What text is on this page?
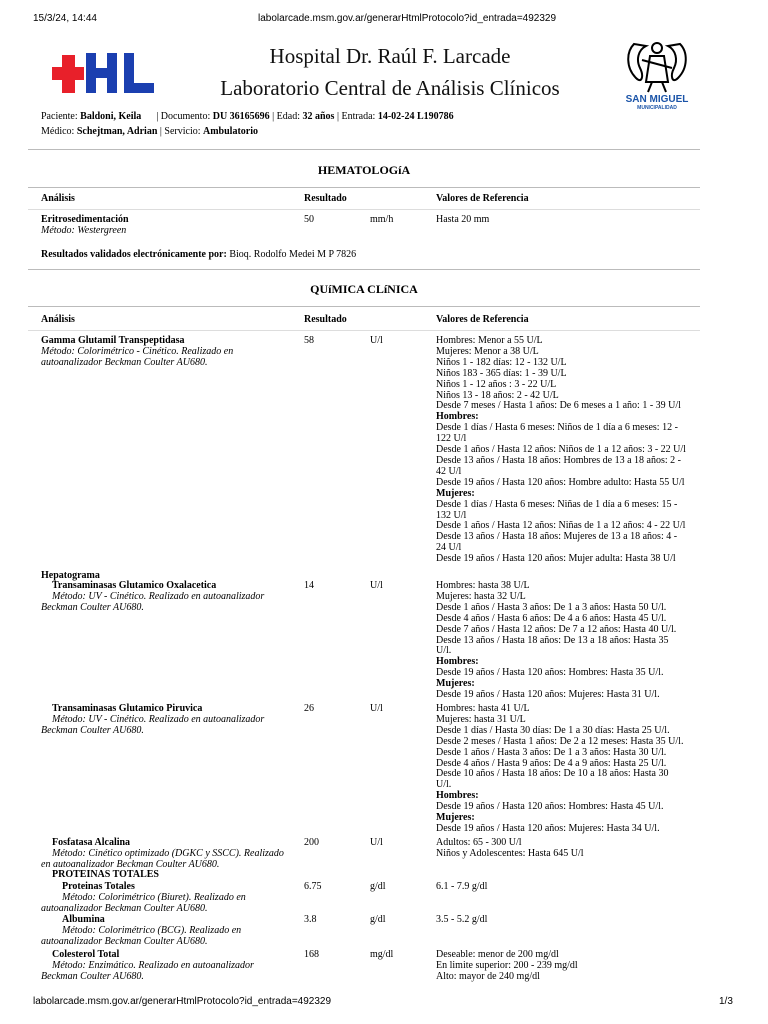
15/3/24, 14:44	labolarcade.msm.gov.ar/generarHtmlProtocolo?id_entrada=492329
Hospital Dr. Raúl F. Larcade
Laboratorio Central de Análisis Clínicos	SAN MIGUEL
MUNICIPALIDAD
Paciente: Baldoni, Keila | Documento: DU 36165696 | Edad: 32 años | Entrada: 14-02-24 L190786
Médico: Schejtman, Adrian | Servicio: Ambulatorio
HEMATOLOGíA
Análisis	Resultado	Valores de Referencia
Eritrosedimentación
Método: Westergreen
50	mm/h	Hasta 20 mm
Resultados validados electrónicamente por: Bioq. Rodolfo Medei M P 7826
QUíMICA CLíNICA
Análisis	Resultado	Valores de Referencia
Gamma Glutamil Transpeptidasa
Método: Colorimétrico - Cinético. Realizado en
autoanalizador Beckman Coulter AU680.
58	U/l	Hombres: Menor a 55 U/L
Mujeres: Menor a 38 U/L
Niños 1 - 182 días: 12 - 132 U/L
Niños 183 - 365 días: 1 - 39 U/L
Niños 1 - 12 años : 3 - 22 U/L
Niños 13 - 18 años: 2 - 42 U/L
Desde 7 meses / Hasta 1 años: De 6 meses a 1 año: 1 - 39 U/l
Hombres:
Desde 1 días / Hasta 6 meses: Niños de 1 día a 6 meses: 12 -
122 U/l
Desde 1 años / Hasta 12 años: Niños de 1 a 12 años: 3 - 22 U/l
Desde 13 años / Hasta 18 años: Hombres de 13 a 18 años: 2 -
42 U/l
Desde 19 años / Hasta 120 años: Hombre adulto: Hasta 55 U/l
Mujeres:
Desde 1 días / Hasta 6 meses: Niñas de 1 día a 6 meses: 15 -
132 U/l
Desde 1 años / Hasta 12 años: Niñas de 1 a 12 años: 4 - 22 U/l
Desde 13 años / Hasta 18 años: Mujeres de 13 a 18 años: 4 -
24 U/l
Desde 19 años / Hasta 120 años: Mujer adulta: Hasta 38 U/l
Hepatograma
Transaminasas Glutamico Oxalacetica
Método: UV - Cinético. Realizado en autoanalizador
Beckman Coulter AU680.
14	U/l	Hombres: hasta 38 U/L
Mujeres: hasta 32 U/L
Desde 1 años / Hasta 3 años: De 1 a 3 años: Hasta 50 U/l.
Desde 4 años / Hasta 6 años: De 4 a 6 años: Hasta 45 U/l.
Desde 7 años / Hasta 12 años: De 7 a 12 años: Hasta 40 U/l.
Desde 13 años / Hasta 18 años: De 13 a 18 años: Hasta 35
U/l.
Hombres:
Desde 19 años / Hasta 120 años: Hombres: Hasta 35 U/l.
Mujeres:
Desde 19 años / Hasta 120 años: Mujeres: Hasta 31 U/l.
Transaminasas Glutamico Piruvica
Método: UV - Cinético. Realizado en autoanalizador
Beckman Coulter AU680.
26	U/l	Hombres: hasta 41 U/L
Mujeres: hasta 31 U/L
Desde 1 días / Hasta 30 días: De 1 a 30 días: Hasta 25 U/l.
Desde 2 meses / Hasta 1 años: De 2 a 12 meses: Hasta 35 U/l.
Desde 1 años / Hasta 3 años: De 1 a 3 años: Hasta 30 U/l.
Desde 4 años / Hasta 9 años: De 4 a 9 años: Hasta 25 U/l.
Desde 10 años / Hasta 18 años: De 10 a 18 años: Hasta 30
U/l.
Hombres:
Desde 19 años / Hasta 120 años: Hombres: Hasta 45 U/l.
Mujeres:
Desde 19 años / Hasta 120 años: Mujeres: Hasta 34 U/l.
Fosfatasa Alcalina
Método: Cinético optimizado (DGKC y SSCC). Realizado
en autoanalizador Beckman Coulter AU680.
200	U/l	Adultos: 65 - 300 U/l
Niños y Adolescentes: Hasta 645 U/l
PROTEINAS TOTALES
Proteinas Totales
Método: Colorimétrico (Biuret). Realizado en
autoanalizador Beckman Coulter AU680.
6.75	g/dl	6.1 - 7.9 g/dl
Albumina
Método: Colorimétrico (BCG). Realizado en
autoanalizador Beckman Coulter AU680.
3.8	g/dl	3.5 - 5.2 g/dl
Colesterol Total
Método: Enzimático. Realizado en autoanalizador
Beckman Coulter AU680.
168	mg/dl	Deseable: menor de 200 mg/dl
En limite superior: 200 - 239 mg/dl
Alto: mayor de 240 mg/dl
labolarcade.msm.gov.ar/generarHtmlProtocolo?id_entrada=492329	1/3
